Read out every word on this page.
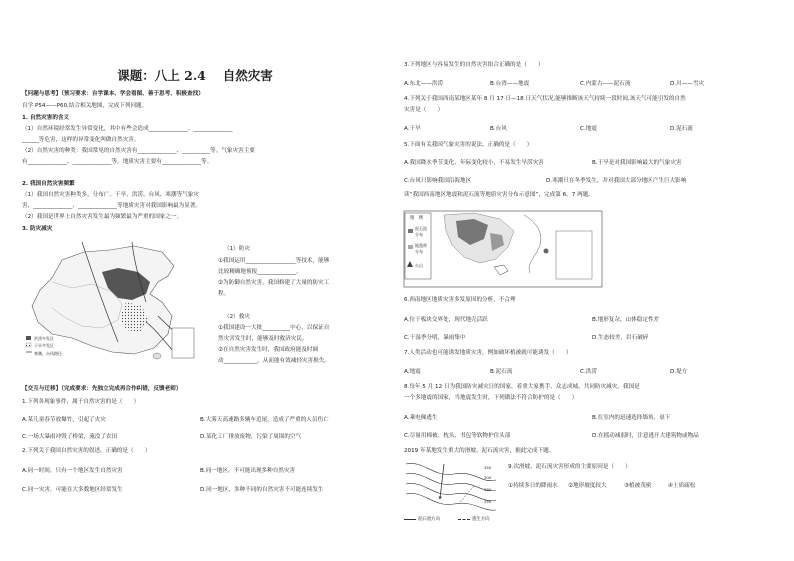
课题：八上 2.4　 自然灾害
【问题与思考】（预习要求：自学课本、学会看图、善于思考、积极查找）
自学 P54——P60,结合相关地图，完成下列问题。
1. 自然灾害的含义
（1）自然环境经常发生异常变化，其中有些会造成______________、______________
______等危害，这样的异常变化叫做自然灾害。
（2）自然灾害的种类：我国常见的自然灾害有______________、__________等。气象灾害主要
有______________、______________等。地质灾害主要有______________等。
2. 我国自然灾害频繁
（1）我国自然灾害种类多，分布广。干旱、洪涝、台风、寒潮等气象灾
害，______________、______________等地质灾害对我国影响最为显著。
（2）我国是世界上自然灾害发生最为频繁最为严重的国家之一。
3. 防灾减灾
洪涝多发区
干旱多发区
寒潮、台风路径
（1）防灾
①我国运用__________________等技术，能够
比较精确地预报______________。
②为防御自然灾害，我国修建了大量的防灾工
程。
（2）救灾
①我国建设一大批__________中心，以保证自
然灾害发生时，能够及时救济灾民。
②在自然灾害发生时，我国政府能及时调
动____________，从而能有效减轻灾害损失。
【交互与迁移】（完成要求：先独立完成再合作纠错，反馈老师）
1.下列各现象事件，属于自然灾害的是（　　）
A.某儿童春节放爆竹，引起了火灾	B.大雾天高速路多辆车追尾，造成了严重的人员伤亡
C.一场大暴雨冲毁了桥梁，淹没了农田	D.某化工厂排放废物，污染了周围的空气
2.下列关于我国自然灾害的叙述，正确的是（　　）
A.同一时间，只有一个地区发生自然灾害	B.同一地区，不可能出现多种自然灾害
C.同一灾害，可能在大多数地区经常发生	D.同一地区，多种不同的自然灾害不可能连续发生
3.下列地区与容易发生的自然灾害组合正确的是（　　）
A.东北——洪涝	B.台湾——地震	C.内蒙古——泥石流	D.川——雪灾
4.下列关于我国西南某地区某年 8 月 17 日—18 日天气状况,能够推断该天气持续一段时间,该天气可能引发的自然
灾害是（　　）
A.干旱	B.台风	C.地震	D.泥石流
5.下面有关我国气象灾害的说法，正确的是（　　）
A.我国降水季节变化、年际变化较小，不易发生旱涝灾害	B.干旱是对我国影响最大的气象灾害
C.台风只影响我国沿海地区	D.寒潮只在冬季发生，并对我国大部分地区产生巨大影响
读“我国西南地区地震和泥石流等地质灾害分布示意图”，完成第 6、7 两题。
图　例
泥石流
分布
地震带
分布
火山
6.西南地区地质灾害多发原因的分析，不合理
A.位于板块交界处，现代地壳活跃	B.地形复杂，山体稳定性差
C.干湿季分明，暴雨集中	D.生态较差，岩石破碎
7.人类活动也可能诱发地质灾害，例如破坏植被就可能诱发（　　）
A.地震	B.泥石流	C.洪涝	D.堤方
8.每年 5 月 12 日为我国防灾减灾日的国家，着重大家携手，众志成城，共同防灾减灾。我国是
一个多地震的国家，当地震发生时，下列做法不符合防护的是（　　）
A.乘电梯逃生	B.在室内的迅速选择墙角、桌下
C.尽量用棉被、枕头、书包等软物护住头部	D.在摇动减弱时，注意逃开大建筑物或物品
2019 年某地发生重大的滑坡、泥石流灾害，据此完成下题。
350
300
280
250
泥石流方向	逃生方向
9.次滑坡、泥石流灾害形成的主要原因是（　　）
①持续多日的降雨水 ②地形坡度较大	③植被茂密	④土质疏松
